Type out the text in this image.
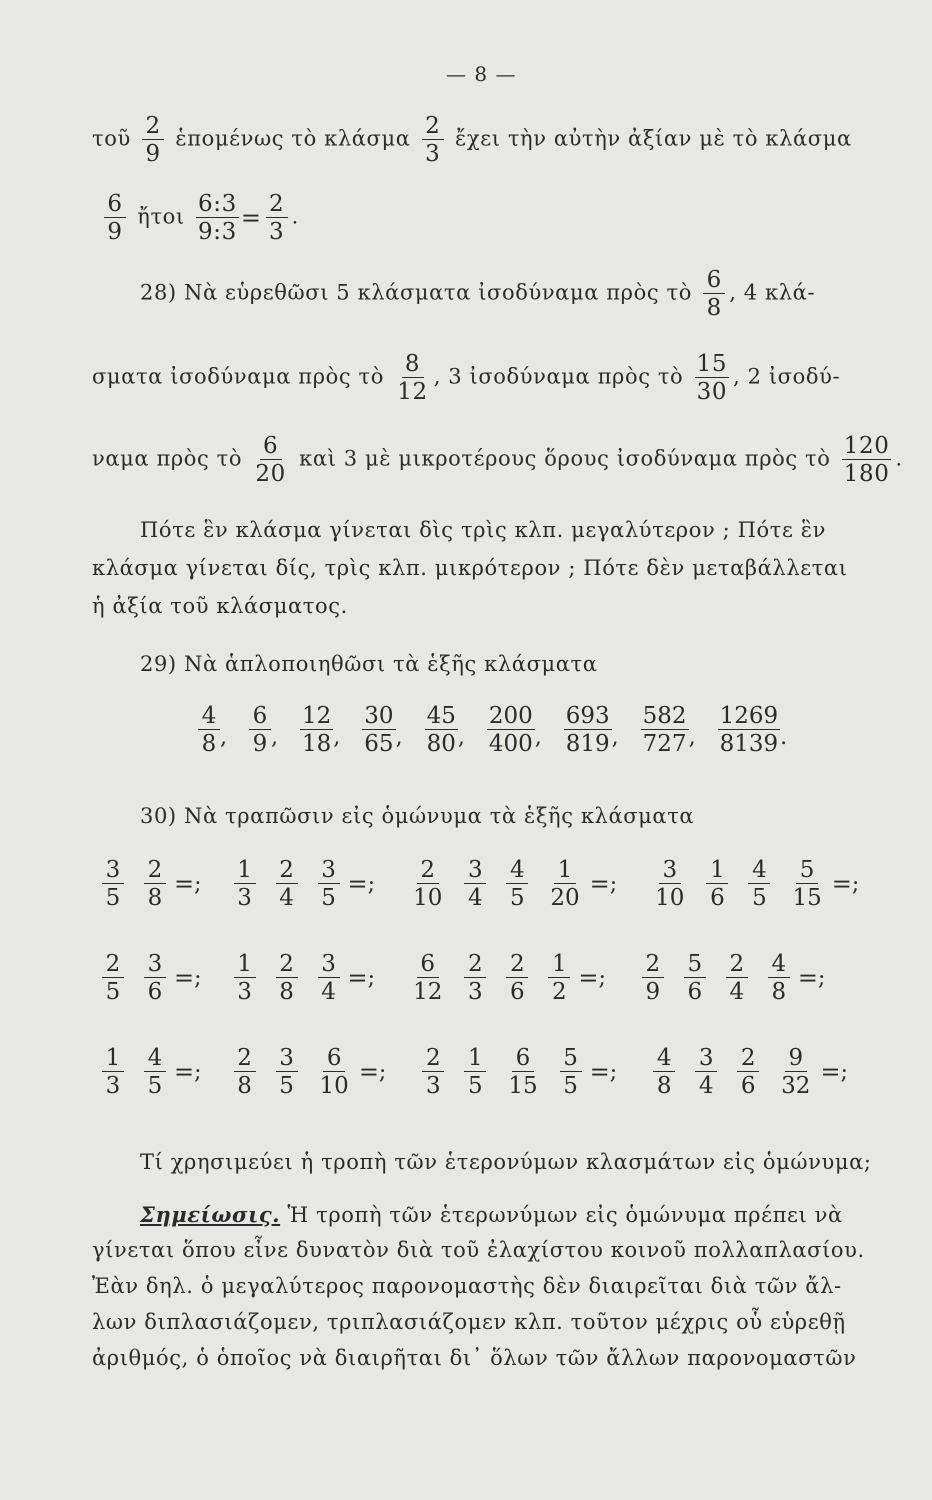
— 8 —
τοῦ $\frac{2}{9}$ ἑπομένως τὸ κλάσμα $\frac{2}{3}$ ἔχει τὴν αὐτὴν ἀξίαν μὲ τὸ κλάσμα
$\frac{6}{9}$ ἤτοι $\frac{6:3}{9:3} = \frac{2}{3}$ .
28) Νὰ εὑρεθῶσι 5 κλάσματα ἰσοδύναμα πρὸς τὸ $\frac{6}{8}$ , 4 κλά-
σματα ἰσοδύναμα πρὸς τὸ $\frac{8}{12}$ , 3 ἰσοδύναμα πρὸς τὸ $\frac{15}{30}$ , 2 ἰσοδύ-
ναμα πρὸς τὸ $\frac{6}{20}$ καὶ 3 μὲ μικροτέρους ὅρους ἰσοδύναμα πρὸς τὸ $\frac{120}{180}$ .
Πότε ἓν κλάσμα γίνεται δὶς τρὶς κλπ. μεγαλύτερον ; Πότε ἓν
κλάσμα γίνεται δίς, τρὶς κλπ. μικρότερον ; Πότε δὲν μεταβάλλεται
ἡ ἀξία τοῦ κλάσματος.
29) Νὰ ἁπλοποιηθῶσι τὰ ἑξῆς κλάσματα
$\frac{4}{8}$ , $\frac{6}{9}$ , $\frac{12}{18}$ , $\frac{30}{65}$ , $\frac{45}{80}$ , $\frac{200}{400}$ , $\frac{693}{819}$ , $\frac{582}{727}$ , $\frac{1269}{8139}$ .
30) Νὰ τραπῶσιν εἰς ὁμώνυμα τὰ ἑξῆς κλάσματα
$\frac{3}{5} \frac{2}{8}$ = ; $\frac{1}{3} \frac{2}{4} \frac{3}{5}$ = ; $\frac{2}{10} \frac{3}{4} \frac{4}{5} \frac{1}{20}$ = ; $\frac{3}{10} \frac{1}{6} \frac{4}{5} \frac{5}{15}$ = ;
$\frac{2}{5} \frac{3}{6}$ = ; $\frac{1}{3} \frac{2}{8} \frac{3}{4}$ = ; $\frac{6}{12} \frac{2}{3} \frac{2}{6} \frac{1}{2}$ = ; $\frac{2}{9} \frac{5}{6} \frac{2}{4} \frac{4}{8}$ = ;
$\frac{1}{3} \frac{4}{5}$ = ; $\frac{2}{8} \frac{3}{5} \frac{6}{10}$ = ; $\frac{2}{3} \frac{1}{5} \frac{6}{15} \frac{5}{5}$ = ; $\frac{4}{8} \frac{3}{4} \frac{2}{6} \frac{9}{32}$ = ;
Τί χρησιμεύει ἡ τροπὴ τῶν ἑτερονύμων κλασμάτων εἰς ὁμώνυμα;
Σημείωσις. Ἡ τροπὴ τῶν ἑτερωνύμων εἰς ὁμώνυμα πρέπει νὰ
γίνεται ὅπου εἶνε δυνατὸν διὰ τοῦ ἐλαχίστου κοινοῦ πολλαπλασίου.
Ἐὰν δηλ. ὁ μεγαλύτερος παρονομαστὴς δὲν διαιρεῖται διὰ τῶν ἄλ-
λων διπλασιάζομεν, τριπλασιάζομεν κλπ. τοῦτον μέχρις οὗ εὑρεθῇ
ἀριθμός, ὁ ὁποῖος νὰ διαιρῆται δι᾽ ὅλων τῶν ἄλλων παρονομαστῶν
